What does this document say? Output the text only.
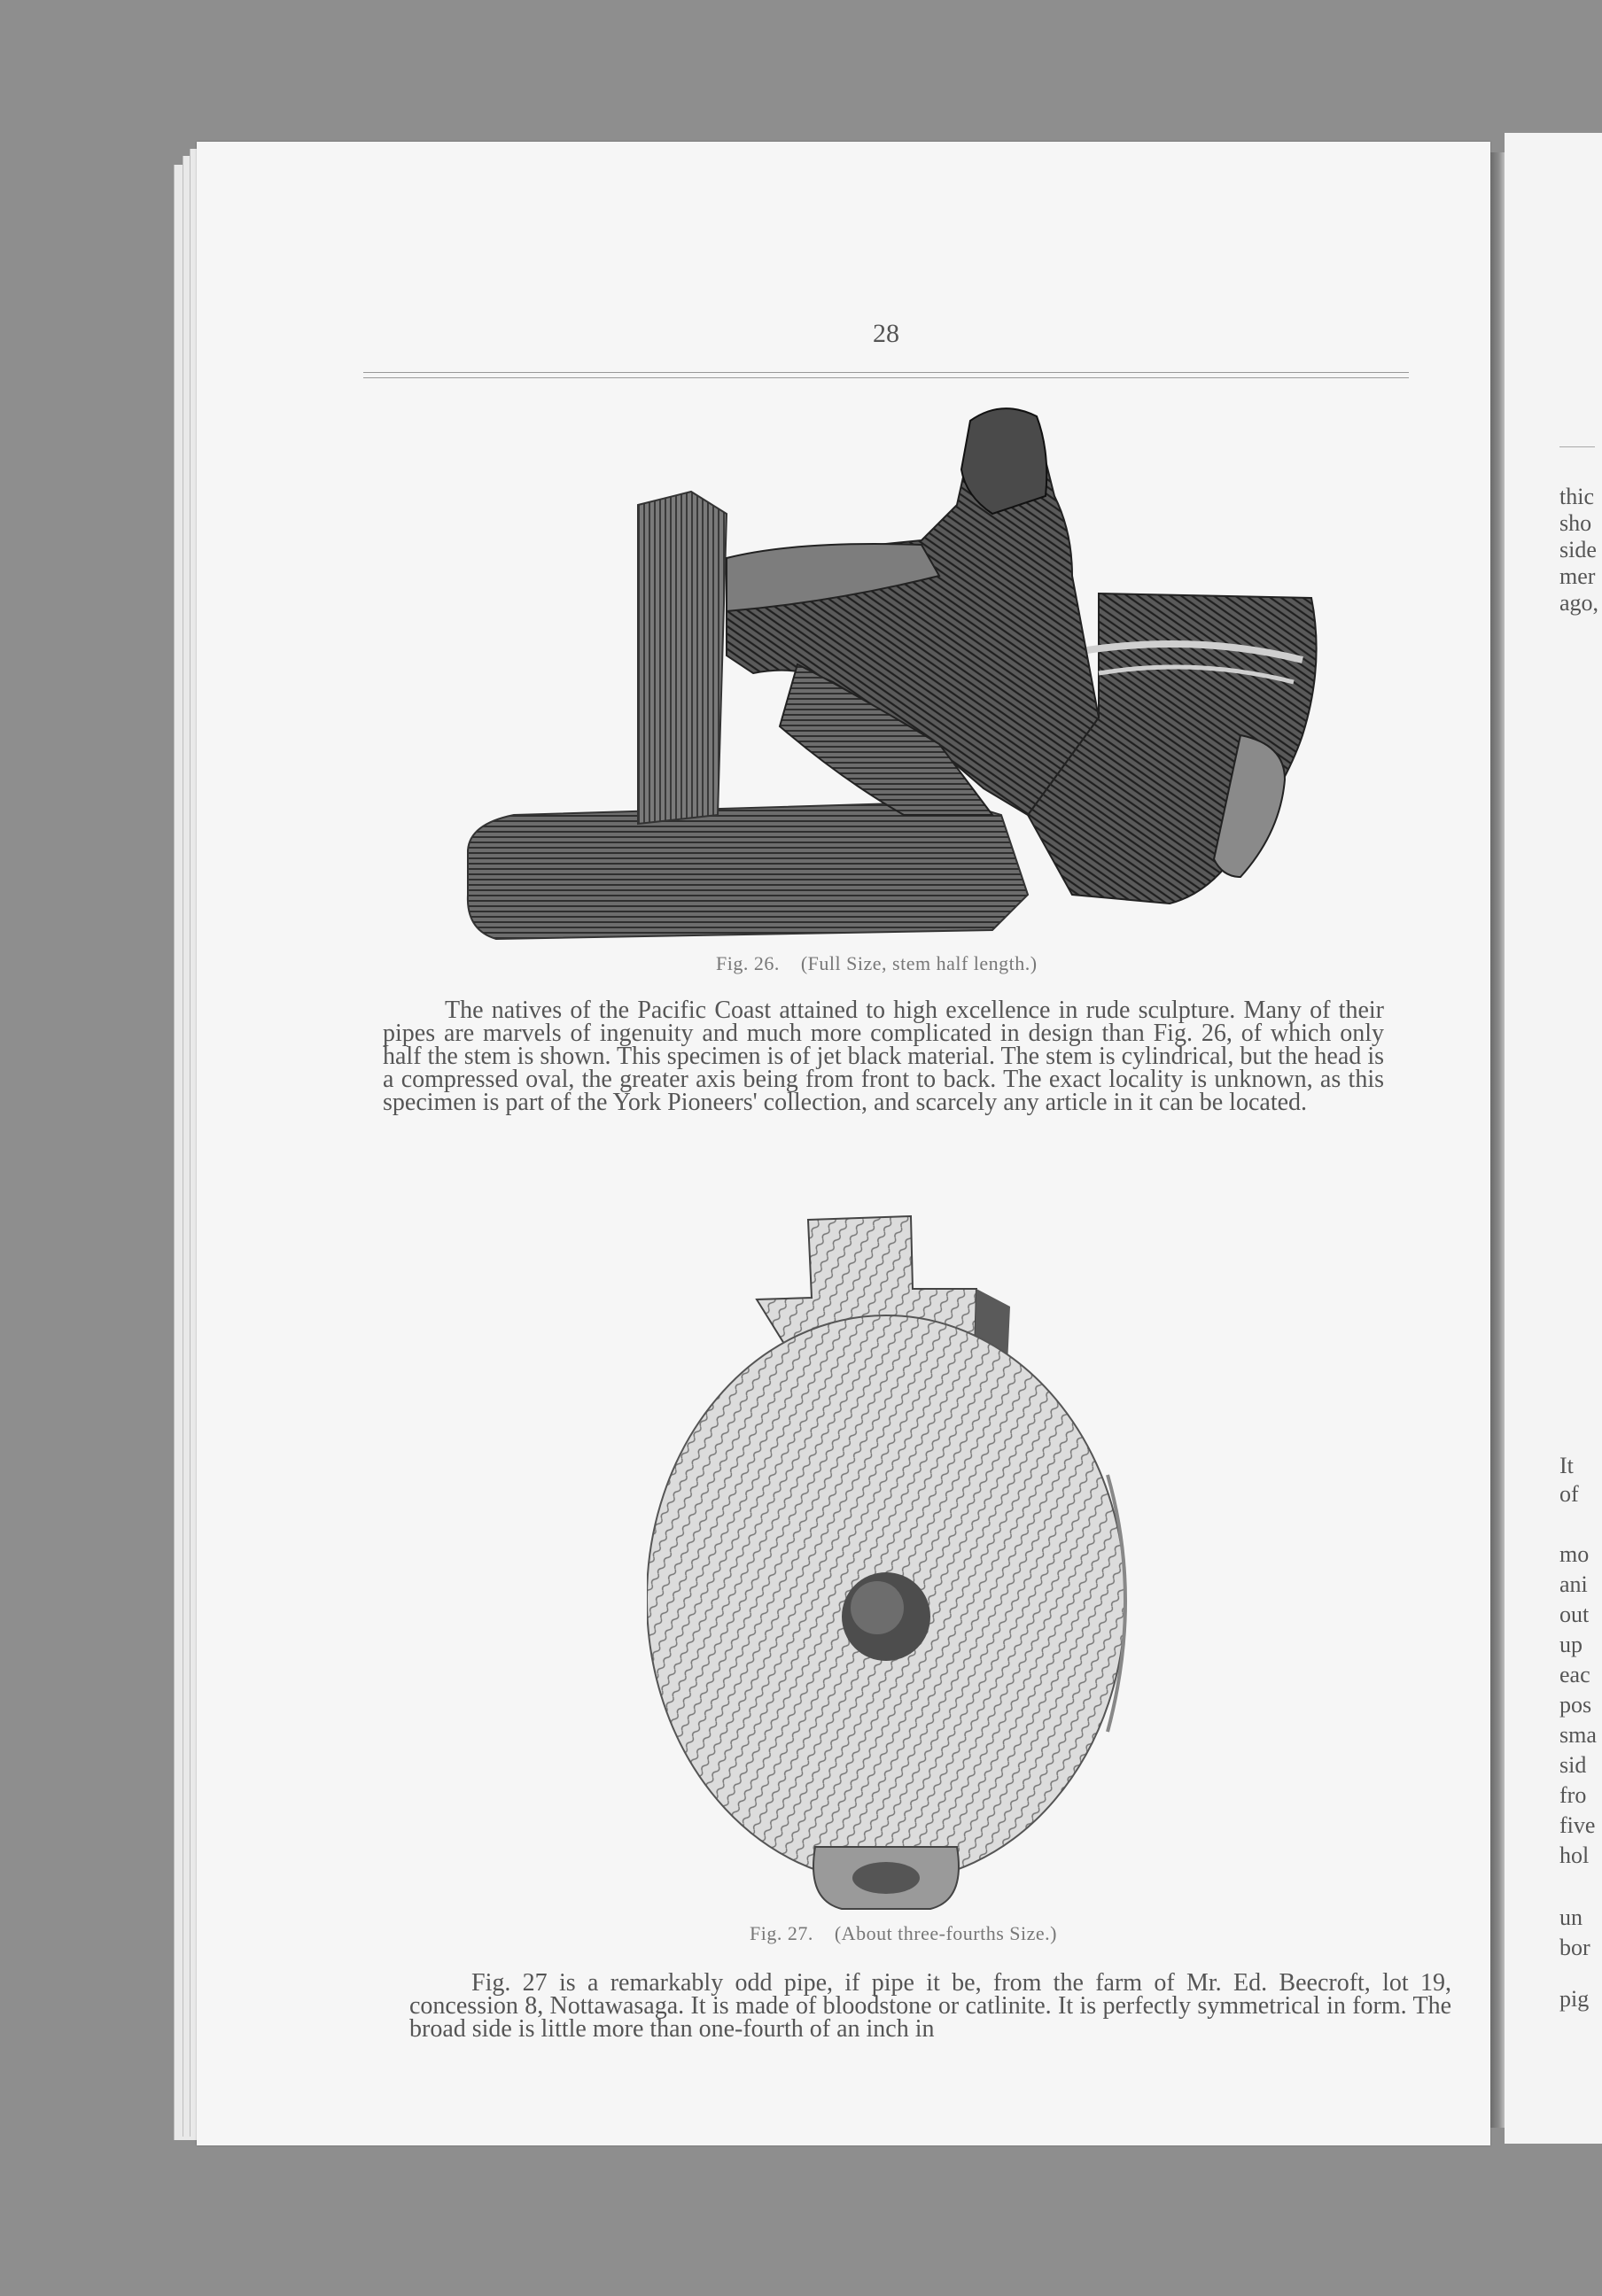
thic
sho
side
mer
ago,
It
of
mo
ani
out
up
eac
pos
sma
sid
fro
five
hol
un
bor
pig
28
Fig. 26. (Full Size, stem half length.)

The natives of the Pacific Coast attained to high excellence in rude sculpture. Many of their pipes are marvels of ingenuity and much more complicated in design than Fig. 26, of which only half the stem is shown. This specimen is of jet black material. The stem is cylindrical, but the head is a compressed oval, the greater axis being from front to back. The exact locality is unknown, as this specimen is part of the York Pioneers' collection, and scarcely any article in it can be located.

Fig. 27. (About three-fourths Size.)

Fig. 27 is a remarkably odd pipe, if pipe it be, from the farm of Mr. Ed. Beecroft, lot 19, concession 8, Nottawasaga. It is made of bloodstone or catlinite. It is perfectly symmetrical in form. The broad side is little more than one-fourth of an inch in
